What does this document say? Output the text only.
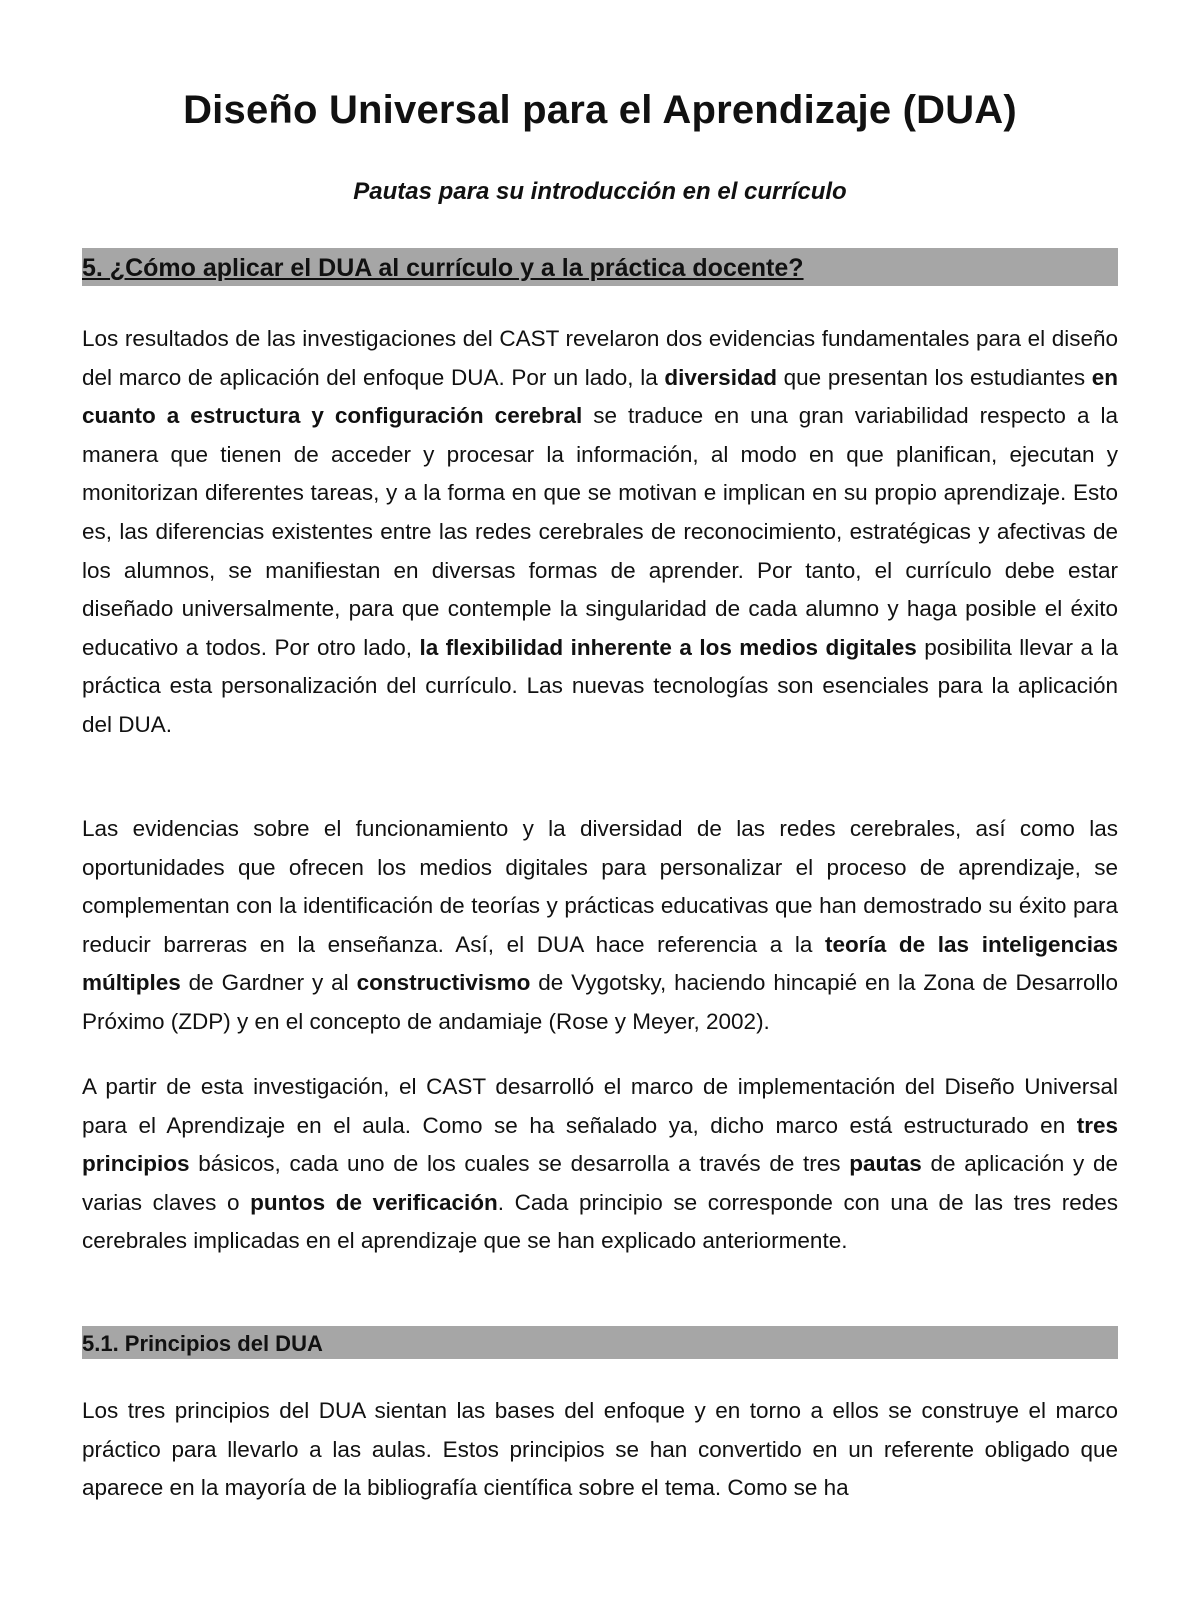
Diseño Universal para el Aprendizaje (DUA)

Pautas para su introducción en el currículo

5. ¿Cómo aplicar el DUA al currículo y a la práctica docente?

Los resultados de las investigaciones del CAST revelaron dos evidencias fundamentales para el diseño del marco de aplicación del enfoque DUA. Por un lado, la diversidad que presentan los estudiantes en cuanto a estructura y configuración cerebral se traduce en una gran variabilidad respecto a la manera que tienen de acceder y procesar la información, al modo en que planifican, ejecutan y monitorizan diferentes tareas, y a la forma en que se motivan e implican en su propio aprendizaje. Esto es, las diferencias existentes entre las redes cerebrales de reconocimiento, estratégicas y afectivas de los alumnos, se manifiestan en diversas formas de aprender. Por tanto, el currículo debe estar diseñado universalmente, para que contemple la singularidad de cada alumno y haga posible el éxito educativo a todos. Por otro lado, la flexibilidad inherente a los medios digitales posibilita llevar a la práctica esta personalización del currículo. Las nuevas tecnologías son esenciales para la aplicación del DUA.

Las evidencias sobre el funcionamiento y la diversidad de las redes cerebrales, así como las oportunidades que ofrecen los medios digitales para personalizar el proceso de aprendizaje, se complementan con la identificación de teorías y prácticas educativas que han demostrado su éxito para reducir barreras en la enseñanza. Así, el DUA hace referencia a la teoría de las inteligencias múltiples de Gardner y al constructivismo de Vygotsky, haciendo hincapié en la Zona de Desarrollo Próximo (ZDP) y en el concepto de andamiaje (Rose y Meyer, 2002).

A partir de esta investigación, el CAST desarrolló el marco de implementación del Diseño Universal para el Aprendizaje en el aula. Como se ha señalado ya, dicho marco está estructurado en tres principios básicos, cada uno de los cuales se desarrolla a través de tres pautas de aplicación y de varias claves o puntos de verificación. Cada principio se corresponde con una de las tres redes cerebrales implicadas en el aprendizaje que se han explicado anteriormente.

5.1. Principios del DUA

Los tres principios del DUA sientan las bases del enfoque y en torno a ellos se construye el marco práctico para llevarlo a las aulas. Estos principios se han convertido en un referente obligado que aparece en la mayoría de la bibliografía científica sobre el tema. Como se ha
